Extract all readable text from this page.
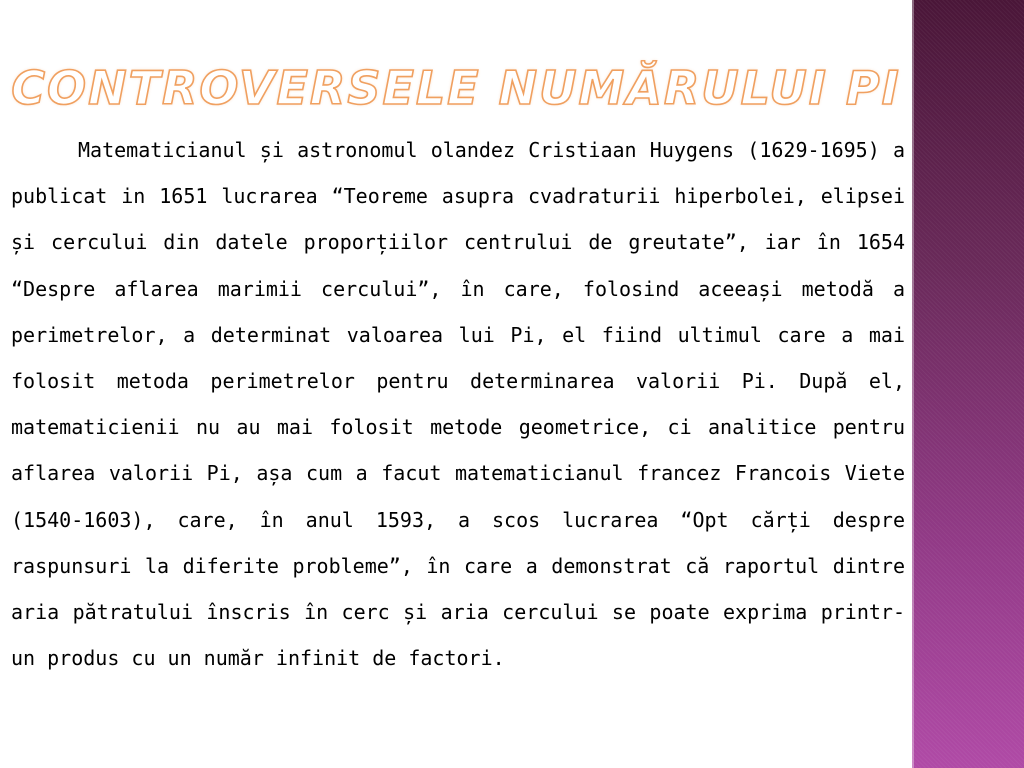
CONTROVERSELE NUMĂRULUI PI

Matematicianul și astronomul olandez Cristiaan Huygens (1629-1695) a publicat in 1651 lucrarea “Teoreme asupra cvadraturii hiperbolei, elipsei și cercului din datele proporțiilor centrului de greutate”, iar în 1654 “Despre aflarea marimii cercului”, în care, folosind aceeași metodă a perimetrelor, a determinat valoarea lui Pi, el fiind ultimul care a mai folosit metoda perimetrelor pentru determinarea valorii Pi. După el, matematicienii nu au mai folosit metode geometrice, ci analitice pentru aflarea valorii Pi, așa cum a facut matematicianul francez Francois Viete (1540-1603), care, în anul 1593, a scos lucrarea “Opt cărți despre raspunsuri la diferite probleme”, în care a demonstrat că raportul dintre aria pătratului înscris în cerc și aria cercului se poate exprima printr-un produs cu un număr infinit de factori.
